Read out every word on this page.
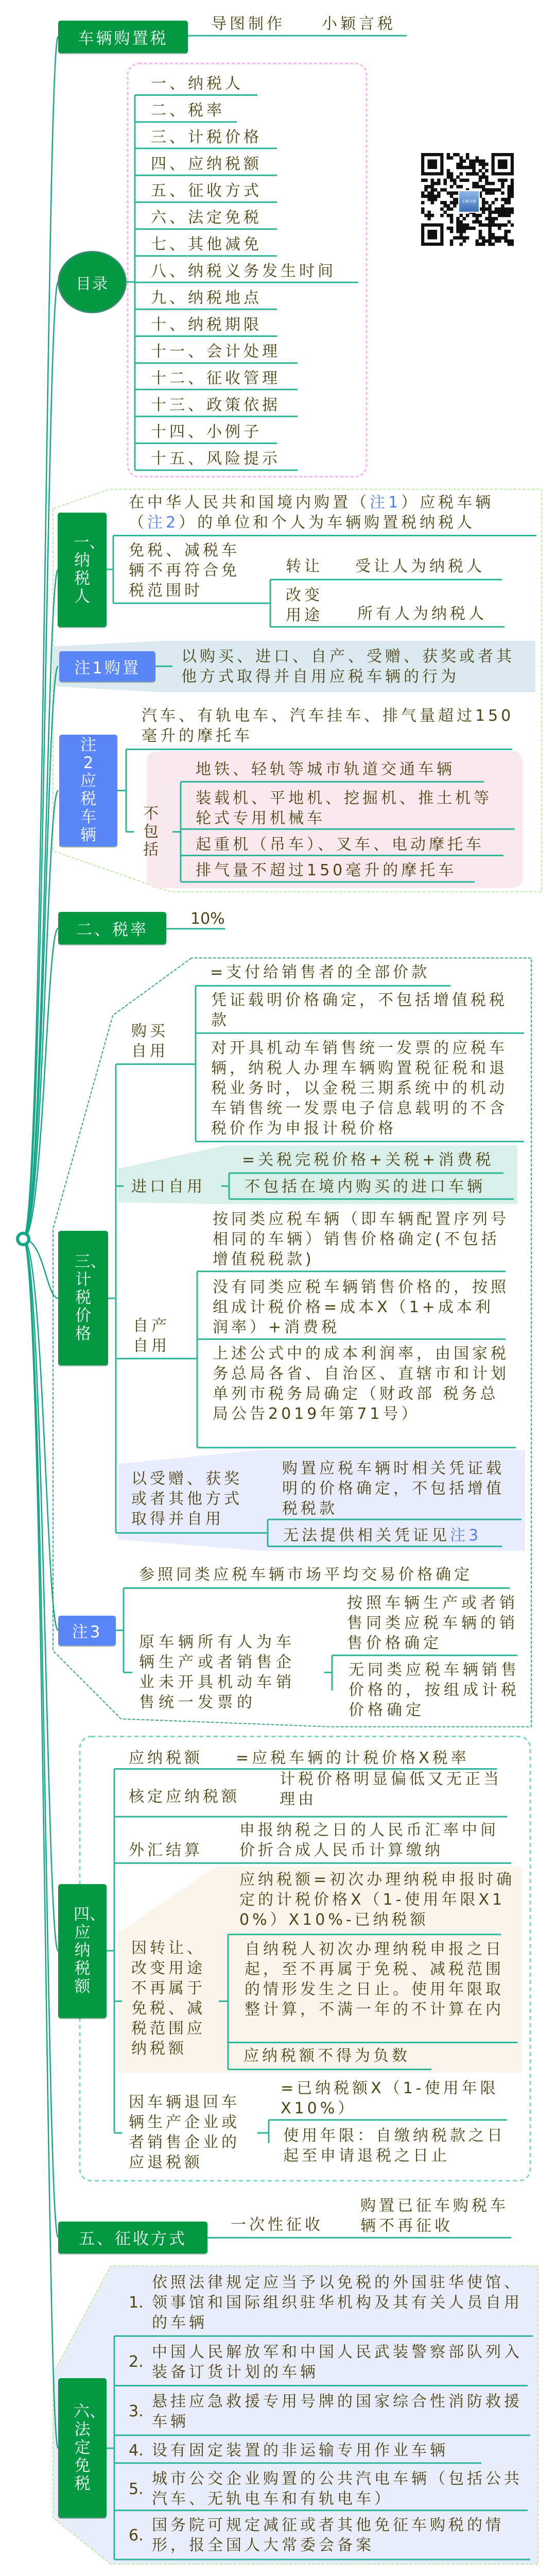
车辆购置税
导图制作 小颖言税
目录
一、纳税人
二、税率
三、计税价格
四、应纳税额
五、征收方式
六、法定免税
七、其他减免
八、纳税义务发生时间
九、纳税地点
十、纳税期限
十一、会计处理
十二、征收管理
十三、政策依据
十四、小例子
十五、风险提示
小颖言税
一、纳税人
在中华人民共和国境内购置（注1）应税车辆（注2）的单位和个人为车辆购置税纳税人
免税、减税车辆不再符合免税范围时
转让 受让人为纳税人
改变用途 所有人为纳税人
注1购置
以购买、进口、自产、受赠、获奖或者其他方式取得并自用应税车辆的行为
注2应税车辆
汽车、有轨电车、汽车挂车、排气量超过150毫升的摩托车
地铁、轻轨等城市轨道交通车辆
不包括
装载机、平地机、挖掘机、推土机等轮式专用机械车
起重机（吊车）、叉车、电动摩托车
排气量不超过150毫升的摩托车
二、税率
10%
三、计税价格
购买自用
=支付给销售者的全部价款
凭证载明价格确定，不包括增值税税款
对开具机动车销售统一发票的应税车辆，纳税人办理车辆购置税征税和退税业务时，以金税三期系统中的机动车销售统一发票电子信息载明的不含税价作为申报计税价格
进口自用
=关税完税价格+关税+消费税
不包括在境内购买的进口车辆
自产自用
按同类应税车辆（即车辆配置序列号相同的车辆）销售价格确定(不包括增值税税款)
没有同类应税车辆销售价格的，按照组成计税价格=成本X（1+成本利润率）+消费税
上述公式中的成本利润率，由国家税务总局各省、自治区、直辖市和计划单列市税务局确定（财政部 税务总局公告2019年第71号）
以受赠、获奖或者其他方式取得并自用
购置应税车辆时相关凭证载明的价格确定，不包括增值税税款
无法提供相关凭证见注3
注3
参照同类应税车辆市场平均交易价格确定
原车辆所有人为车辆生产或者销售企业未开具机动车销售统一发票的
按照车辆生产或者销售同类应税车辆的销售价格确定
无同类应税车辆销售价格的，按组成计税价格确定
四、应纳税额
应纳税额 =应税车辆的计税价格X税率
核定应纳税额
计税价格明显偏低又无正当理由
外汇结算
申报纳税之日的人民币汇率中间价折合成人民币计算缴纳
因转让、改变用途不再属于免税、减税范围应纳税额
应纳税额=初次办理纳税申报时确定的计税价格X（1-使用年限X10%）X10%-已纳税额
自纳税人初次办理纳税申报之日起，至不再属于免税、减税范围的情形发生之日止。使用年限取整计算，不满一年的不计算在内
应纳税额不得为负数
因车辆退回车辆生产企业或者销售企业的应退税额
=已纳税额X（1-使用年限X10%）
使用年限：自缴纳税款之日起至申请退税之日止
五、征收方式
一次性征收
购置已征车购税车辆不再征收
六、法定免税
1.
依照法律规定应当予以免税的外国驻华使馆、领事馆和国际组织驻华机构及其有关人员自用的车辆
2.
中国人民解放军和中国人民武装警察部队列入装备订货计划的车辆
3.
悬挂应急救援专用号牌的国家综合性消防救援车辆
4. 设有固定装置的非运输专用作业车辆
5.
城市公交企业购置的公共汽电车辆（包括公共汽车、无轨电车和有轨电车）
6.
国务院可规定减征或者其他免征车购税的情形，报全国人大常委会备案
